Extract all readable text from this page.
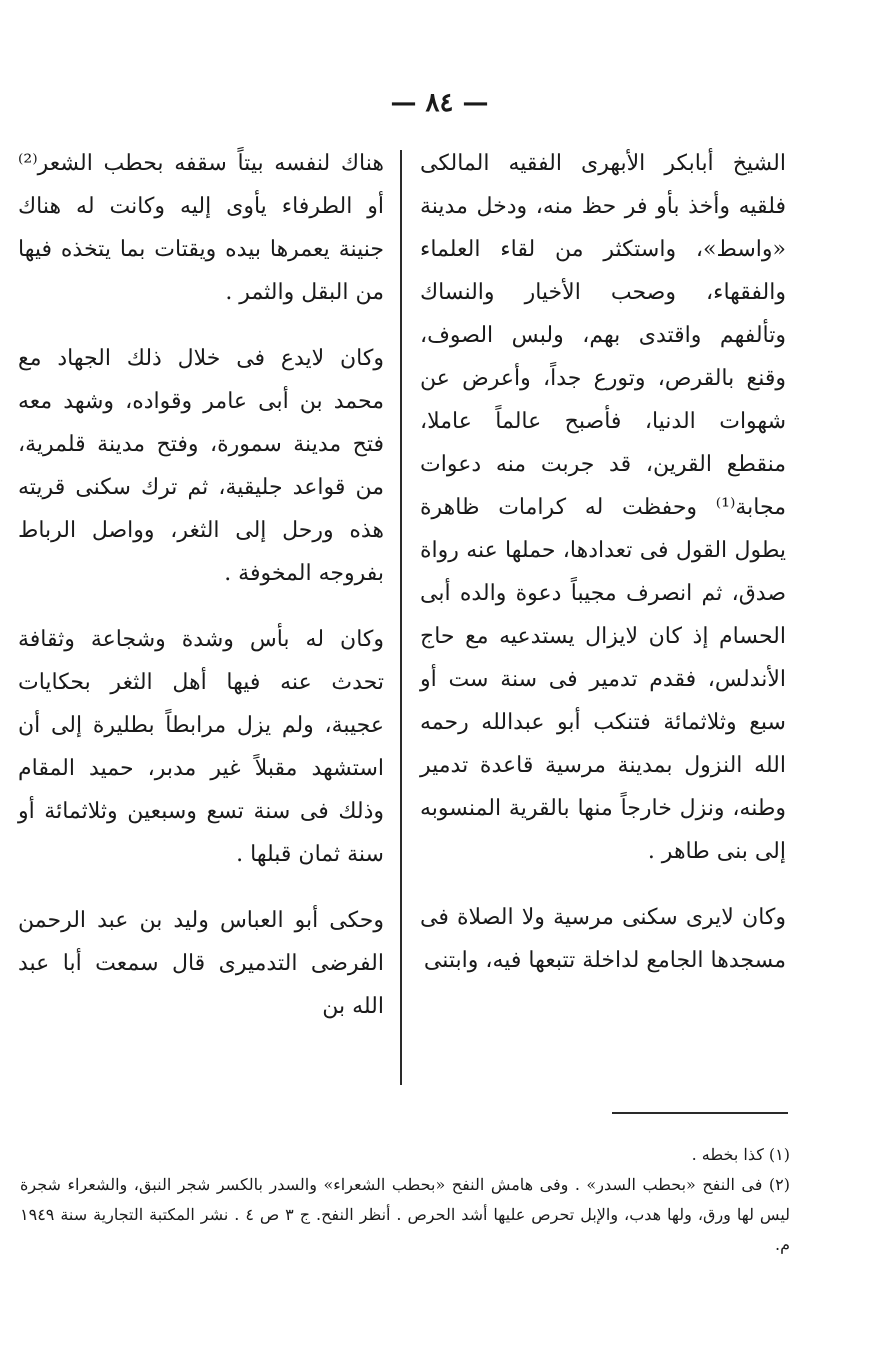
— ٨٤ —

الشيخ أبابكر الأبهرى الفقيه المالكى فلقيه وأخذ بأو فر حظ منه، ودخل مدينة «واسط»، واستكثر من لقاء العلماء والفقهاء، وصحب الأخيار والنساك وتألفهم واقتدى بهم، ولبس الصوف، وقنع بالقرص، وتورع جداً، وأعرض عن شهوات الدنيا، فأصبح عالماً عاملا، منقطع القرين، قد جربت منه دعوات مجابة⁽¹⁾ وحفظت له كرامات ظاهرة يطول القول فى تعدادها، حملها عنه رواة صدق، ثم انصرف مجيباً دعوة والده أبى الحسام إذ كان لايزال يستدعيه مع حاج الأندلس، فقدم تدمير فى سنة ست أو سبع وثلاثمائة فتنكب أبو عبدالله رحمه الله النزول بمدينة مرسية قاعدة تدمير وطنه، ونزل خارجاً منها بالقرية المنسوبه إلى بنى طاهر .

وكان لايرى سكنى مرسية ولا الصلاة فى مسجدها الجامع لداخلة تتبعها فيه، وابتنى

هناك لنفسه بيتاً سقفه بحطب الشعر⁽²⁾ أو الطرفاء يأوى إليه وكانت له هناك جنينة يعمرها بيده ويقتات بما يتخذه فيها من البقل والثمر .

وكان لايدع فى خلال ذلك الجهاد مع محمد بن أبى عامر وقواده، وشهد معه فتح مدينة سمورة، وفتح مدينة قلمرية، من قواعد جليقية، ثم ترك سكنى قريته هذه ورحل إلى الثغر، وواصل الرباط بفروجه المخوفة .

وكان له بأس وشدة وشجاعة وثقافة تحدث عنه فيها أهل الثغر بحكايات عجيبة، ولم يزل مرابطاً بطليرة إلى أن استشهد مقبلاً غير مدبر، حميد المقام وذلك فى سنة تسع وسبعين وثلاثمائة أو سنة ثمان قبلها .

وحكى أبو العباس وليد بن عبد الرحمن الفرضى التدميرى قال سمعت أبا عبد الله بن

(١) كذا بخطه .

(٢) فى النفح «بحطب السدر» . وفى هامش النفح «بحطب الشعراء» والسدر بالكسر شجر النبق، والشعراء شجرة ليس لها ورق، ولها هدب، والإبل تحرص عليها أشد الحرص . أنظر النفح. ج ٣ ص ٤ . نشر المكتبة التجارية سنة ١٩٤٩ م.
